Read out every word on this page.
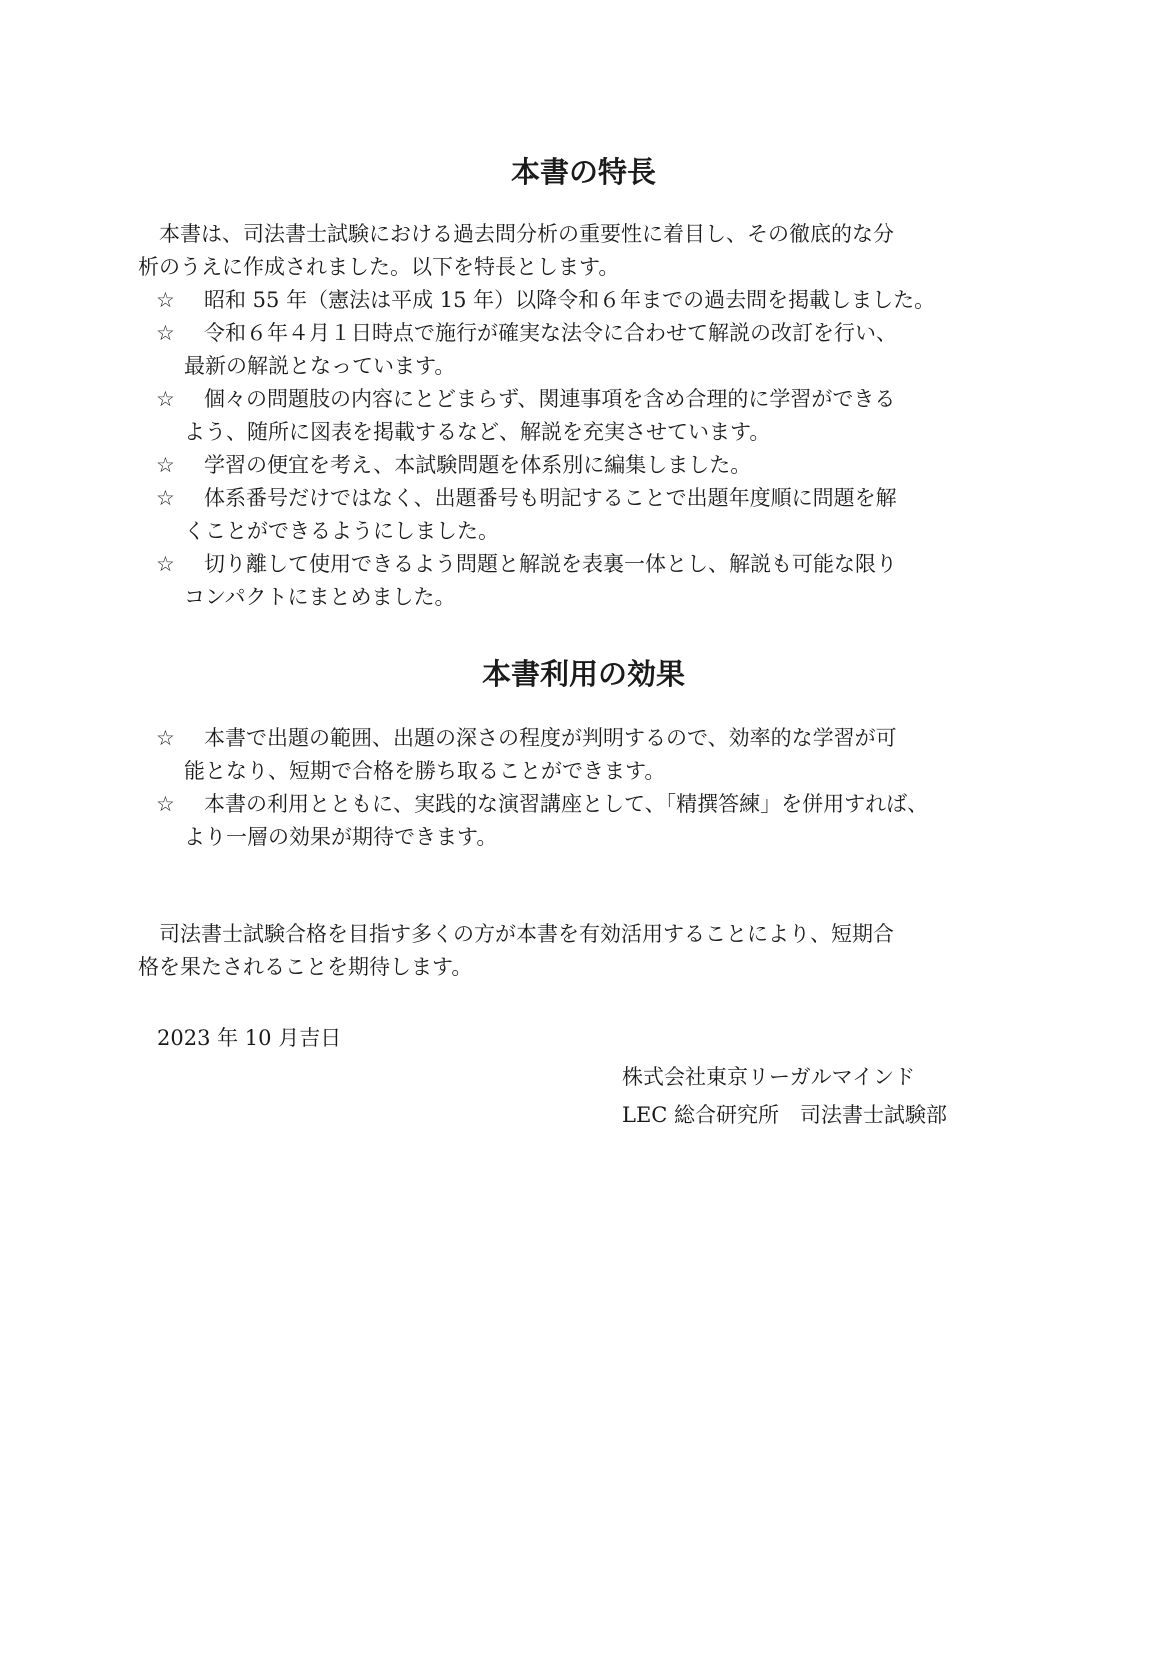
本書の特長
　本書は、司法書士試験における過去問分析の重要性に着目し、その徹底的な分
析のうえに作成されました。以下を特長とします。
☆	昭和 55 年（憲法は平成 15 年）以降令和６年までの過去問を掲載しました。
☆	令和６年４月１日時点で施行が確実な法令に合わせて解説の改訂を行い、
最新の解説となっています。
☆	個々の問題肢の内容にとどまらず、関連事項を含め合理的に学習ができる
よう、随所に図表を掲載するなど、解説を充実させています。
☆	学習の便宜を考え、本試験問題を体系別に編集しました。
☆	体系番号だけではなく、出題番号も明記することで出題年度順に問題を解
くことができるようにしました。
☆	切り離して使用できるよう問題と解説を表裏一体とし、解説も可能な限り
コンパクトにまとめました。
本書利用の効果
☆	本書で出題の範囲、出題の深さの程度が判明するので、効率的な学習が可
能となり、短期で合格を勝ち取ることができます。
☆	本書の利用とともに、実践的な演習講座として、「精撰答練」を併用すれば、
より一層の効果が期待できます。
　司法書士試験合格を目指す多くの方が本書を有効活用することにより、短期合
格を果たされることを期待します。

2023 年 10 月吉日

株式会社東京リーガルマインド
LEC 総合研究所　司法書士試験部
